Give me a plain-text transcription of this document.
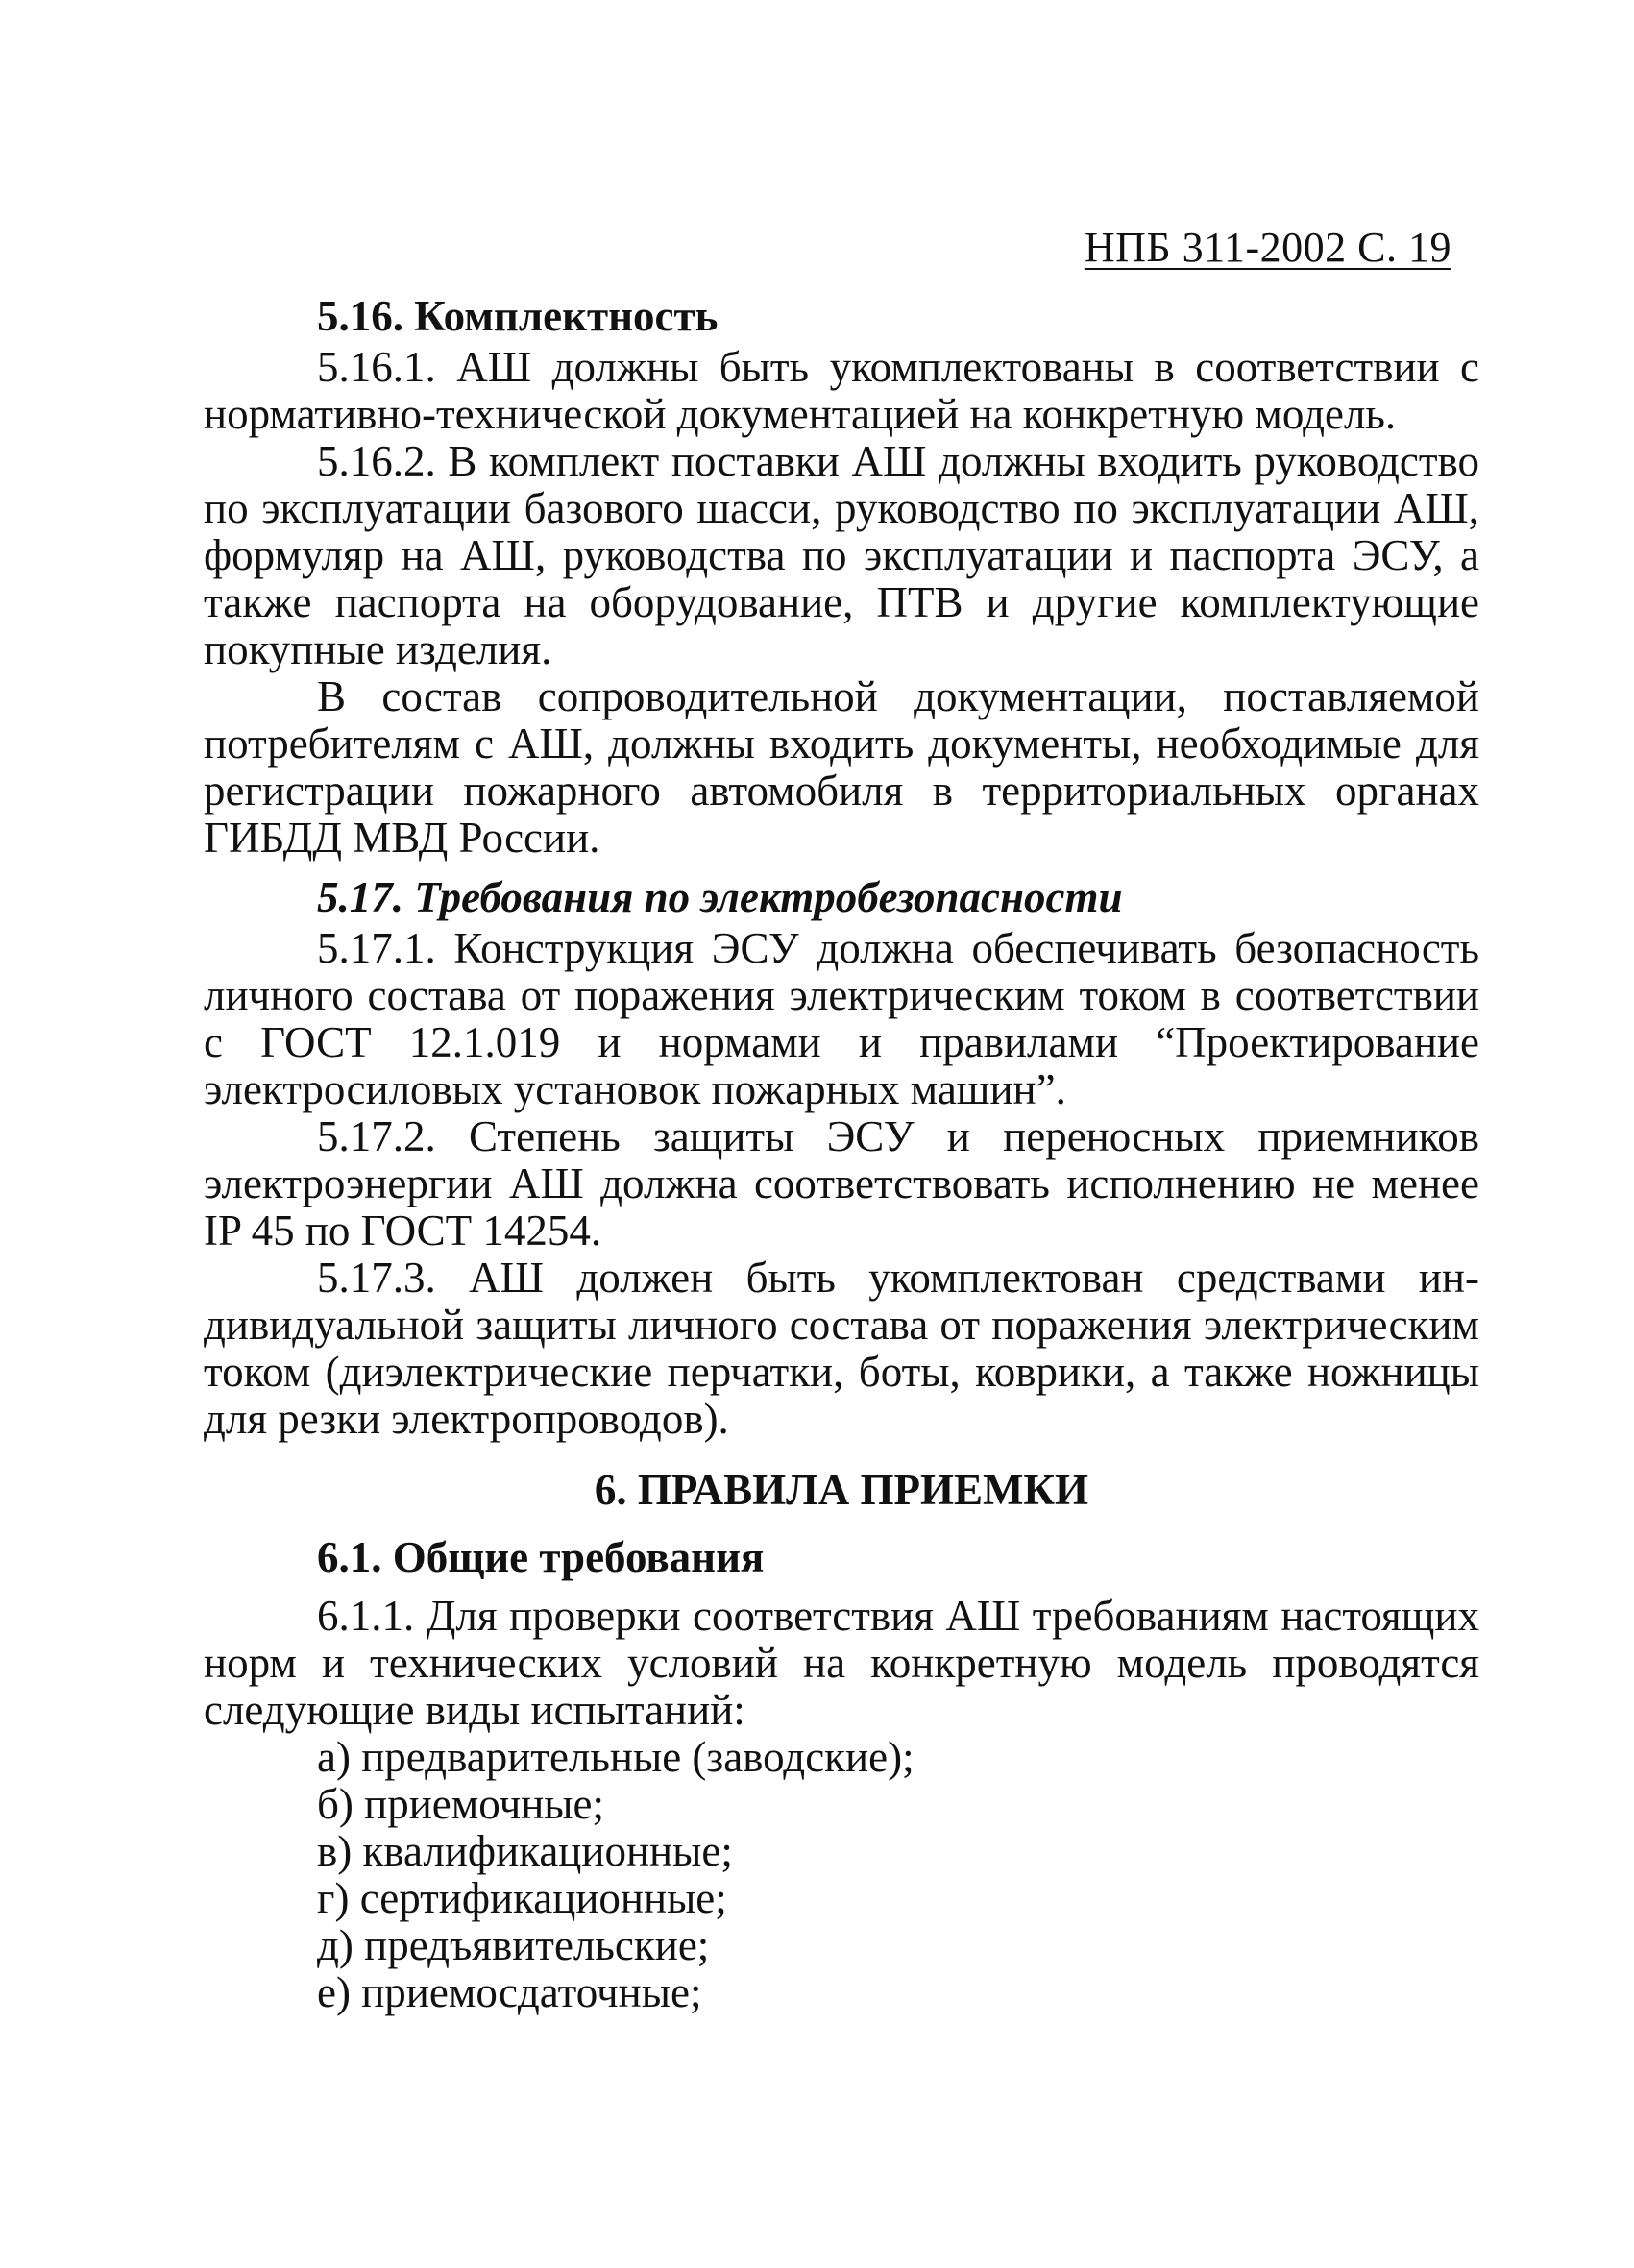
НПБ 311-2002 С. 19

5.16. Комплектность

5.16.1. АШ должны быть укомплектованы в соответствии с нормативно-технической документацией на конкретную модель.

5.16.2. В комплект поставки АШ должны входить руководство по эксплуатации базового шасси, руководство по эксплуатации АШ, формуляр на АШ, руководства по эксплуатации и паспорта ЭСУ, а также паспорта на оборудование, ПТВ и другие комплектующие покупные изделия.

В состав сопроводительной документации, поставляемой потребителям с АШ, должны входить документы, необходимые для регистрации пожарного автомобиля в территориальных органах ГИБДД МВД России.

5.17. Требования по электробезопасности

5.17.1. Конструкция ЭСУ должна обеспечивать безопасность личного состава от поражения электрическим током в соответствии с ГОСТ 12.1.019 и нормами и правилами “Проектирование электросиловых установок пожарных машин”.

5.17.2. Степень защиты ЭСУ и переносных приемников электроэнергии АШ должна соответствовать исполнению не менее IP 45 по ГОСТ 14254.

5.17.3. АШ должен быть укомплектован средствами индивидуальной защиты личного состава от поражения электрическим током (диэлектрические перчатки, боты, коврики, а также ножницы для резки электропроводов).

6. ПРАВИЛА ПРИЕМКИ

6.1. Общие требования

6.1.1. Для проверки соответствия АШ требованиям настоящих норм и технических условий на конкретную модель проводятся следующие виды испытаний:

а) предварительные (заводские);
б) приемочные;
в) квалификационные;
г) сертификационные;
д) предъявительские;
е) приемосдаточные;
